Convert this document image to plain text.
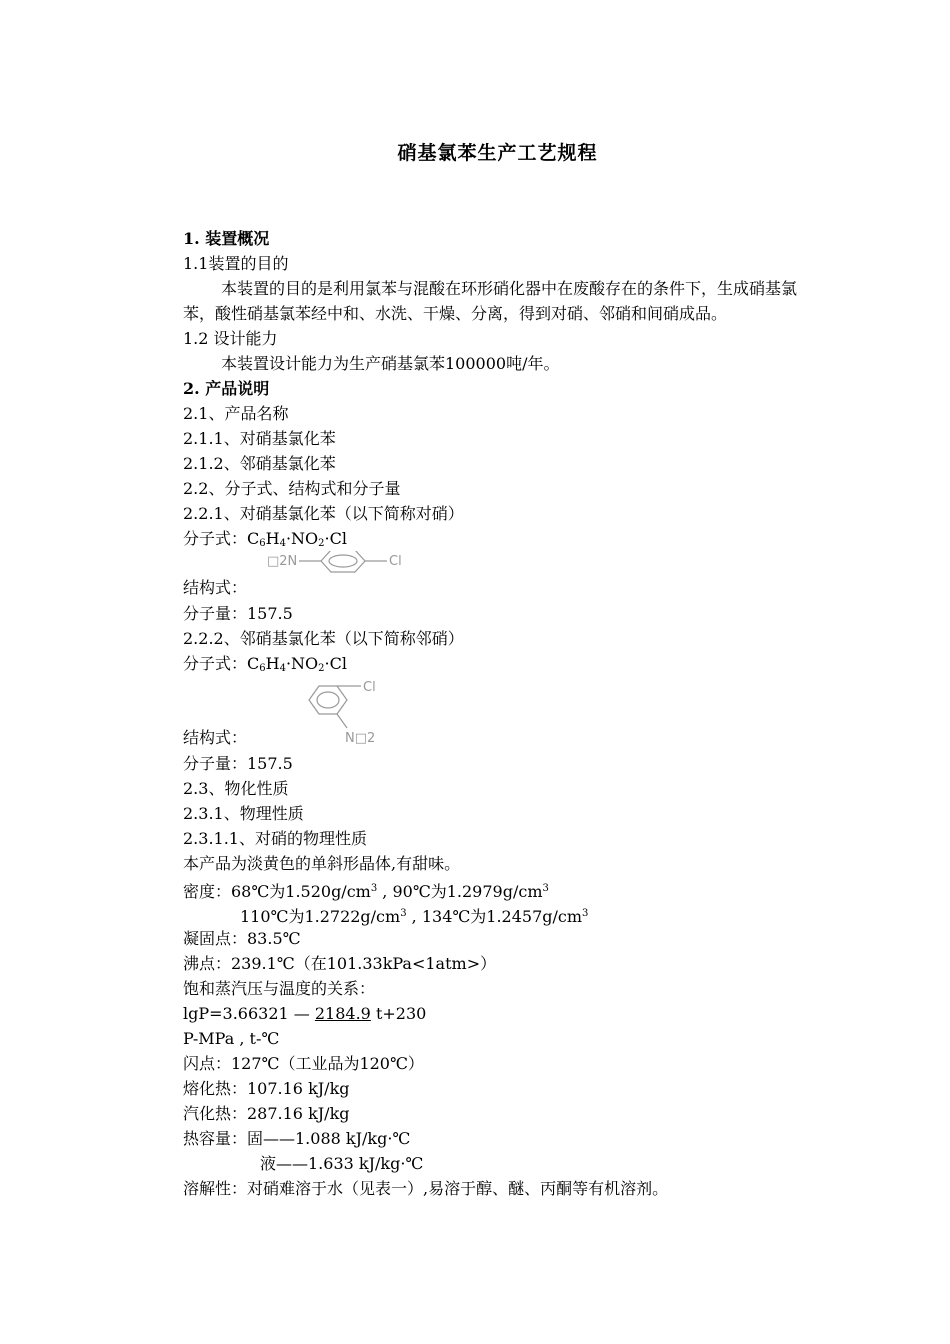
硝基氯苯生产工艺规程
1. 装置概况
1.1装置的目的
本装置的目的是利用氯苯与混酸在环形硝化器中在废酸存在的条件下，生成硝基氯苯，酸性硝基氯苯经中和、水洗、干燥、分离，得到对硝、邻硝和间硝成品。
1.2 设计能力
本装置设计能力为生产硝基氯苯100000吨/年。
2. 产品说明
2.1、产品名称
2.1.1、对硝基氯化苯
2.1.2、邻硝基氯化苯
2.2、分子式、结构式和分子量
2.2.1、对硝基氯化苯（以下简称对硝）
分子式：$C_6H_4\cdot NO_2\cdot Cl$
结构式：
□2N	Cl
分子量：157.5
2.2.2、邻硝基氯化苯（以下简称邻硝）
分子式：$C_6H_4\cdot NO_2\cdot Cl$
结构式：
Cl
N□2
分子量：157.5
2.3、物化性质
2.3.1、物理性质
2.3.1.1、对硝的物理性质
本产品为淡黄色的单斜形晶体,有甜味。
密度：68℃为$1.520g/cm^3$ , 90℃为$1.2979g/cm^3$
110℃为$1.2722g/cm^3$ , 134℃为$1.2457g/cm^3$
凝固点：83.5℃
沸点：239.1℃（在101.33kPa<1atm>）
饱和蒸汽压与温度的关系：
lgP=3.66321 — 2184.9 t+230
P-MPa , t-℃
闪点：127℃（工业品为120℃）
熔化热：107.16 kJ/kg
汽化热：287.16 kJ/kg
热容量：固——1.088 kJ/kg·℃
液——1.633 kJ/kg·℃
溶解性：对硝难溶于水（见表一）,易溶于醇、醚、丙酮等有机溶剂。
